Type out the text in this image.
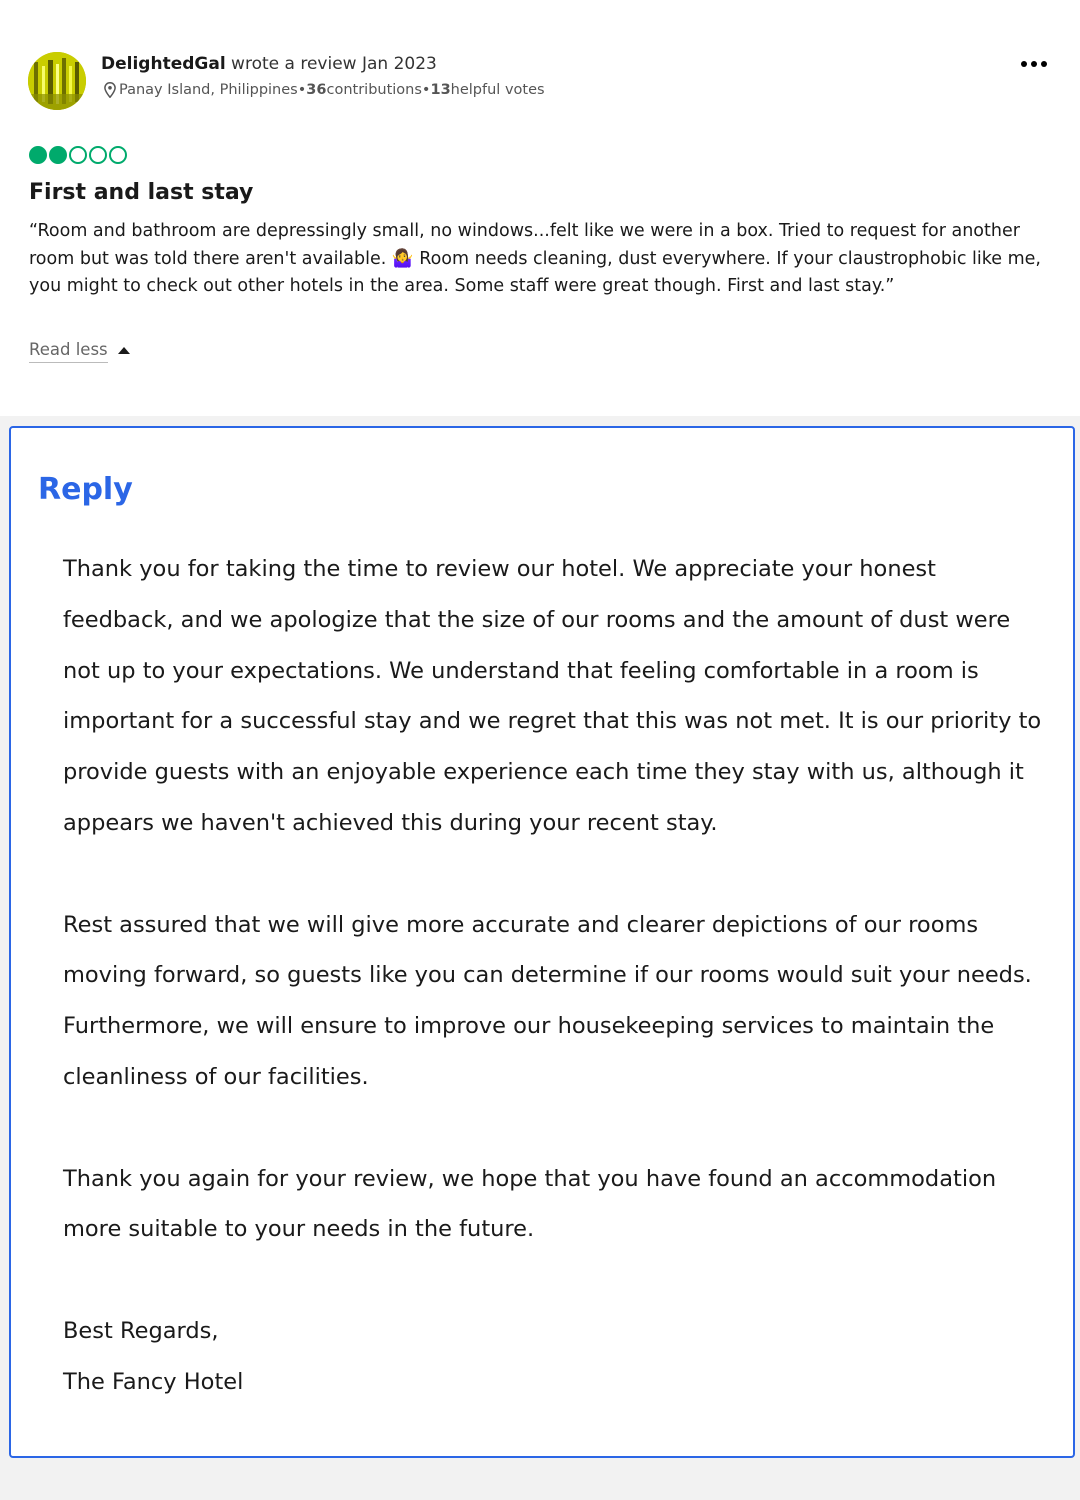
DelightedGal wrote a review Jan 2023
Panay Island, Philippines • 36 contributions • 13 helpful votes
First and last stay
“Room and bathroom are depressingly small, no windows...felt like we were in a box. Tried to request for another room but was told there aren't available. 🤷‍♀️ Room needs cleaning, dust everywhere. If your claustrophobic like me, you might to check out other hotels in the area. Some staff were great though. First and last stay.”
Read less
Reply

Thank you for taking the time to review our hotel. We appreciate your honest feedback, and we apologize that the size of our rooms and the amount of dust were not up to your expectations. We understand that feeling comfortable in a room is important for a successful stay and we regret that this was not met. It is our priority to provide guests with an enjoyable experience each time they stay with us, although it appears we haven't achieved this during your recent stay.

Rest assured that we will give more accurate and clearer depictions of our rooms moving forward, so guests like you can determine if our rooms would suit your needs. Furthermore, we will ensure to improve our housekeeping services to maintain the cleanliness of our facilities.

Thank you again for your review, we hope that you have found an accommodation more suitable to your needs in the future.

Best Regards,

The Fancy Hotel
